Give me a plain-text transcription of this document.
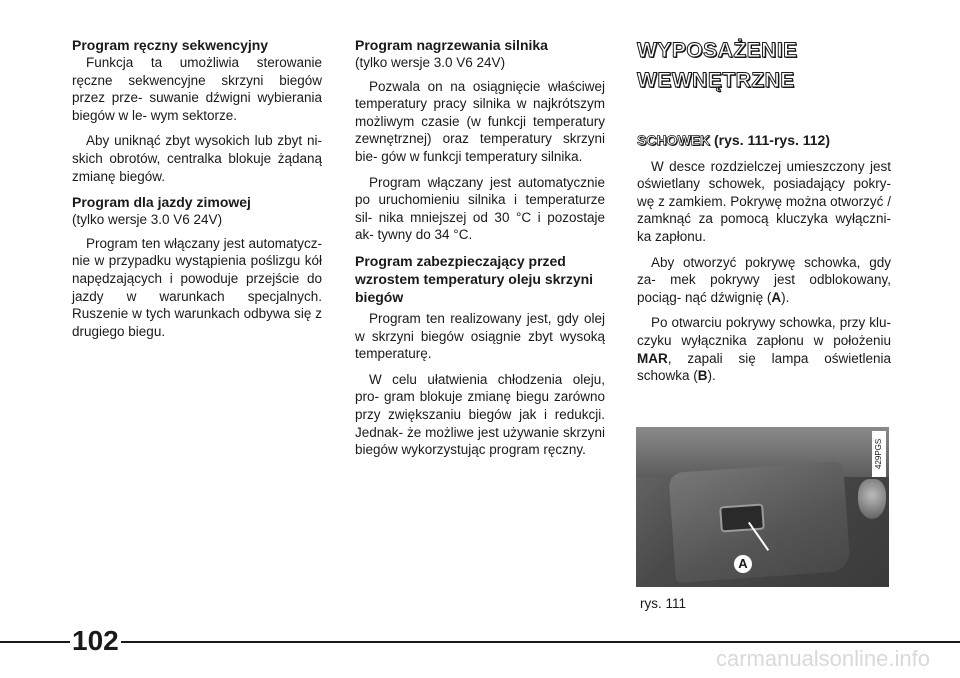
Program ręczny sekwencyjny

Funkcja ta umożliwia sterowanie ręczne sekwencyjne skrzyni biegów przez prze- suwanie dźwigni wybierania biegów w le- wym sektorze.

Aby uniknąć zbyt wysokich lub zbyt ni- skich obrotów, centralka blokuje żądaną zmianę biegów.

Program dla jazdy zimowej
(tylko wersje 3.0 V6 24V)

Program ten włączany jest automatycz- nie w przypadku wystąpienia poślizgu kół napędzających i powoduje przejście do jazdy w warunkach specjalnych. Ruszenie w tych warunkach odbywa się z drugiego biegu.

Program nagrzewania silnika
(tylko wersje 3.0 V6 24V)

Pozwala on na osiągnięcie właściwej temperatury pracy silnika w najkrótszym możliwym czasie (w funkcji temperatury zewnętrznej) oraz temperatury skrzyni bie- gów w funkcji temperatury silnika.

Program włączany jest automatycznie po uruchomieniu silnika i temperaturze sil- nika mniejszej od 30 °C i pozostaje ak- tywny do 34 °C.

Program zabezpieczający przed wzrostem temperatury oleju skrzyni biegów

Program ten realizowany jest, gdy olej w skrzyni biegów osiągnie zbyt wysoką temperaturę.

W celu ułatwienia chłodzenia oleju, pro- gram blokuje zmianę biegu zarówno przy zwiększaniu biegów jak i redukcji. Jednak- że możliwe jest używanie skrzyni biegów wykorzystując program ręczny.

WYPOSAŻENIE
WEWNĘTRZNE
SCHOWEK (rys. 111-rys. 112)

W desce rozdzielczej umieszczony jest oświetlany schowek, posiadający pokry- wę z zamkiem. Pokrywę można otworzyć / zamknąć za pomocą kluczyka wyłączni- ka zapłonu.

Aby otworzyć pokrywę schowka, gdy za- mek pokrywy jest odblokowany, pociąg- nąć dźwignię (A).

Po otwarciu pokrywy schowka, przy klu- czyku wyłącznika zapłonu w położeniu MAR, zapali się lampa oświetlenia schowka (B).

A
429PGS
rys. 111
102
carmanualsonline.info
